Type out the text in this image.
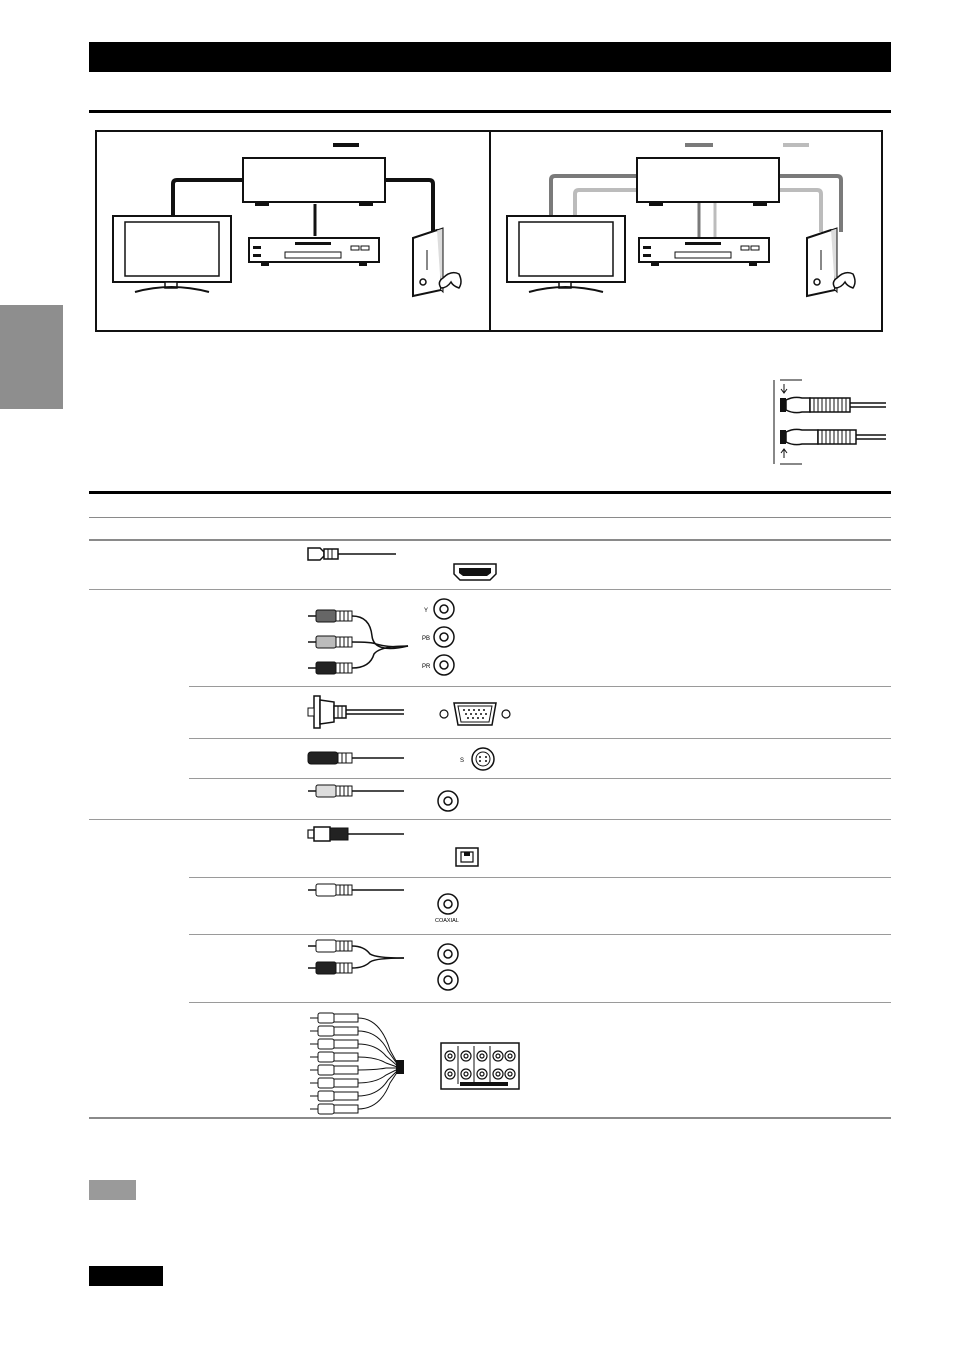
Y
PB
PR
S
COAXIAL
